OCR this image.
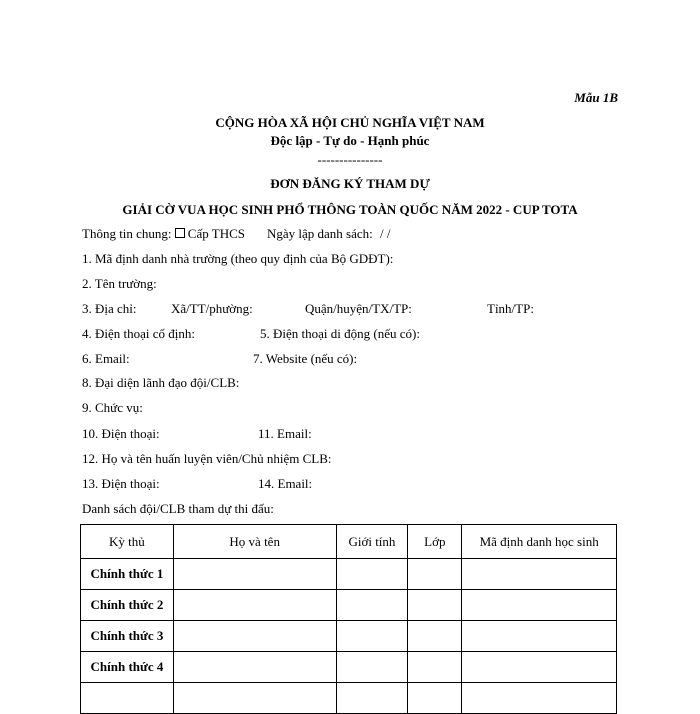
Mẫu 1B
CỘNG HÒA XÃ HỘI CHỦ NGHĨA VIỆT NAM
Độc lập - Tự do - Hạnh phúc
---------------
ĐƠN ĐĂNG KÝ THAM DỰ
GIẢI CỜ VUA HỌC SINH PHỔ THÔNG TOÀN QUỐC NĂM 2022 - CUP TOTA
Thông tin chung: Cấp THCS Ngày lập danh sách: / /
1. Mã định danh nhà trường (theo quy định của Bộ GDĐT):
2. Tên trường:
3. Địa chỉ:	Xã/TT/phường:	Quận/huyện/TX/TP:	Tỉnh/TP:
4. Điện thoại cố định:	5. Điện thoại di động (nếu có):
6. Email:	7. Website (nếu có):
8. Đại diện lãnh đạo đội/CLB:
9. Chức vụ:
10. Điện thoại:	11. Email:
12. Họ và tên huấn luyện viên/Chủ nhiệm CLB:
13. Điện thoại:	14. Email:
Danh sách đội/CLB tham dự thi đấu:
Kỳ thủ	Họ và tên	Giới tính	Lớp	Mã định danh học sinh
Chính thức 1				
Chính thức 2				
Chính thức 3				
Chính thức 4				
